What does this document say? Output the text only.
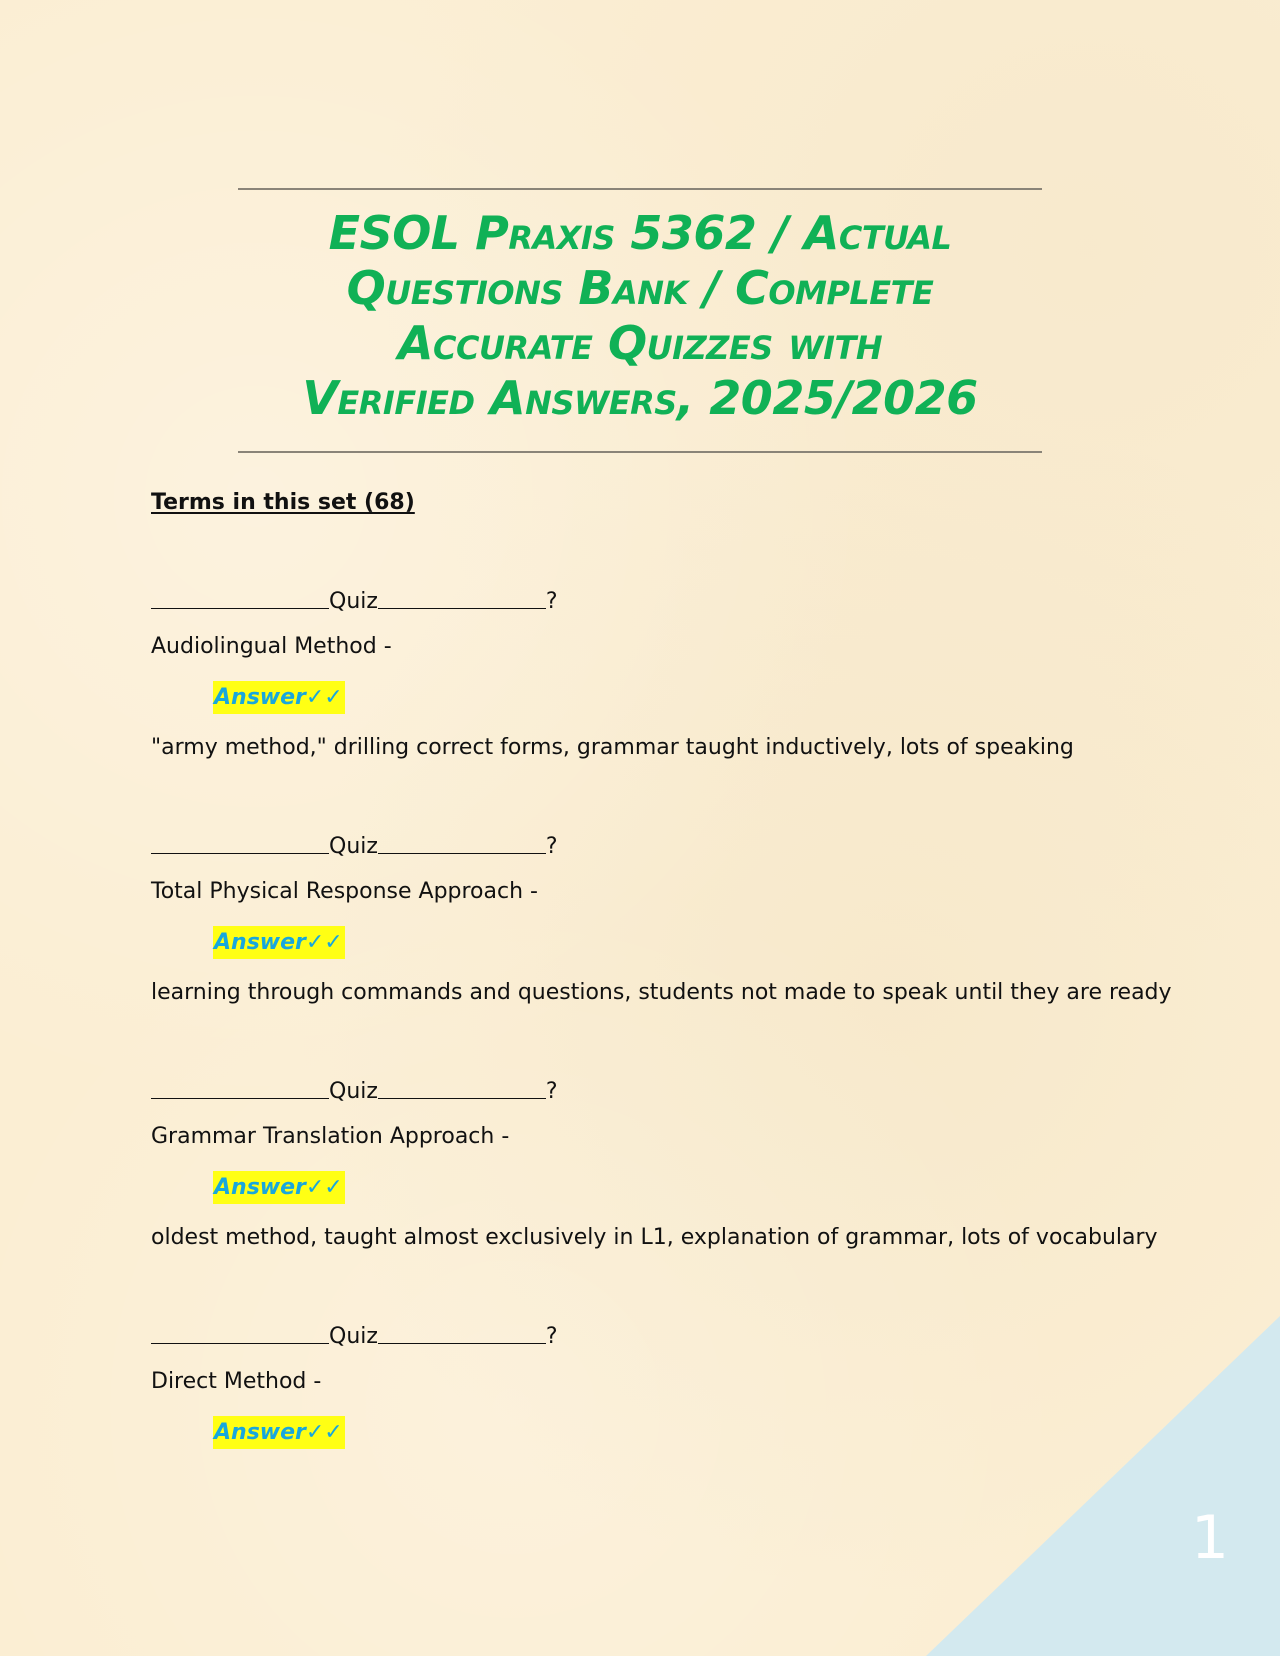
ESOL Praxis 5362 / Actual
Questions Bank / Complete
Accurate Quizzes with
Verified Answers, 2025/2026
Terms in this set (68)
Quiz	?
Audiolingual Method -
Answer✓✓
"army method," drilling correct forms, grammar taught inductively, lots of speaking
Quiz	?
Total Physical Response Approach -
Answer✓✓
learning through commands and questions, students not made to speak until they are ready
Quiz	?
Grammar Translation Approach -
Answer✓✓
oldest method, taught almost exclusively in L1, explanation of grammar, lots of vocabulary
Quiz	?
Direct Method -
Answer✓✓
1
